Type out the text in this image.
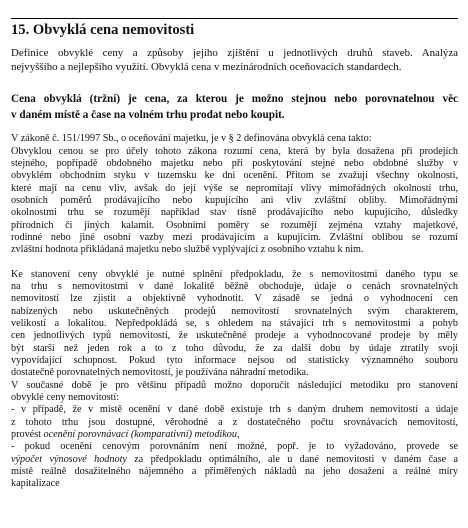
15. Obvyklá cena nemovitosti
Definice obvyklé ceny a způsoby jejího zjištění u jednotlivých druhů staveb. Analýza
nejvyššího a nejlepšího využití. Obvyklá cena v mezinárodních oceňovacích standardech.
Cena obvyklá (tržní) je cena, za kterou je možno stejnou nebo porovnatelnou věc
v daném místě a čase na volném trhu prodat nebo koupit.
V zákoně č. 151/1997 Sb., o oceňování majetku, je v § 2 definována obvyklá cena takto:
Obvyklou cenou se pro účely tohoto zákona rozumí cena, která by byla dosažena při prodejích
stejného, popřípadě obdobného majetku nebo při poskytování stejné nebo obdobné služby v
obvyklém obchodním styku v tuzemsku ke dni ocenění. Přitom se zvažují všechny okolnosti,
které mají na cenu vliv, avšak do její výše se nepromítají vlivy mimořádných okolností trhu,
osobních poměrů prodávajícího nebo kupujícího ani vliv zvláštní obliby. Mimořádnými
okolnostmi trhu se rozumějí například stav tísně prodávajícího nebo kupujícího, důsledky
přírodních či jiných kalamit. Osobními poměry se rozumějí zejména vztahy majetkové,
rodinné nebo jiné osobní vazby mezi prodávajícím a kupujícím. Zvláštní oblibou se rozumí
zvláštní hodnota přikládaná majetku nebo službě vyplývající z osobního vztahu k nim.
Ke stanovení ceny obvyklé je nutné splnění předpokladu, že s nemovitostmi daného typu se
na trhu s nemovitostmi v dané lokalitě běžně obchoduje, údaje o cenách srovnatelných
nemovitostí lze zjistit a objektivně vyhodnotit. V zásadě se jedná o vyhodnocení cen
nabízených nebo uskutečněných prodejů nemovitostí srovnatelných svým charakterem,
velikostí a lokalitou. Nepředpokládá se, s ohledem na stávající trh s nemovitostmi a pohyb
cen jednotlivých typů nemovitostí, že uskutečněné prodeje a vyhodnocované prodeje by měly
být starší než jeden rok a to z toho důvodu, že za další dobu by údaje ztratily svoji
vypovídající schopnost. Pokud tyto informace nejsou od statisticky významného souboru
dostatečně porovnatelných nemovitostí, je používána náhradní metodika.
V současné době je pro většinu případů možno doporučit následující metodiku pro stanovení
obvyklé ceny nemovitostí:
- v případě, že v místě ocenění v dané době existuje trh s daným druhem nemovitostí a údaje
z tohoto trhu jsou dostupné, věrohodné a z dostatečného počtu srovnávacích nemovitostí,
provést ocenění porovnávací (komparativní) metodikou,
- pokud ocenění cenovým porovnáním není možné, popř. je to vyžadováno, provede se
výpočet výnosové hodnoty za předpokladu optimálního, ale u dané nemovitosti v daném čase a
místě reálně dosažitelného nájemného a přiměřených nákladů na jeho dosažení a reálné míry
kapitalizace
